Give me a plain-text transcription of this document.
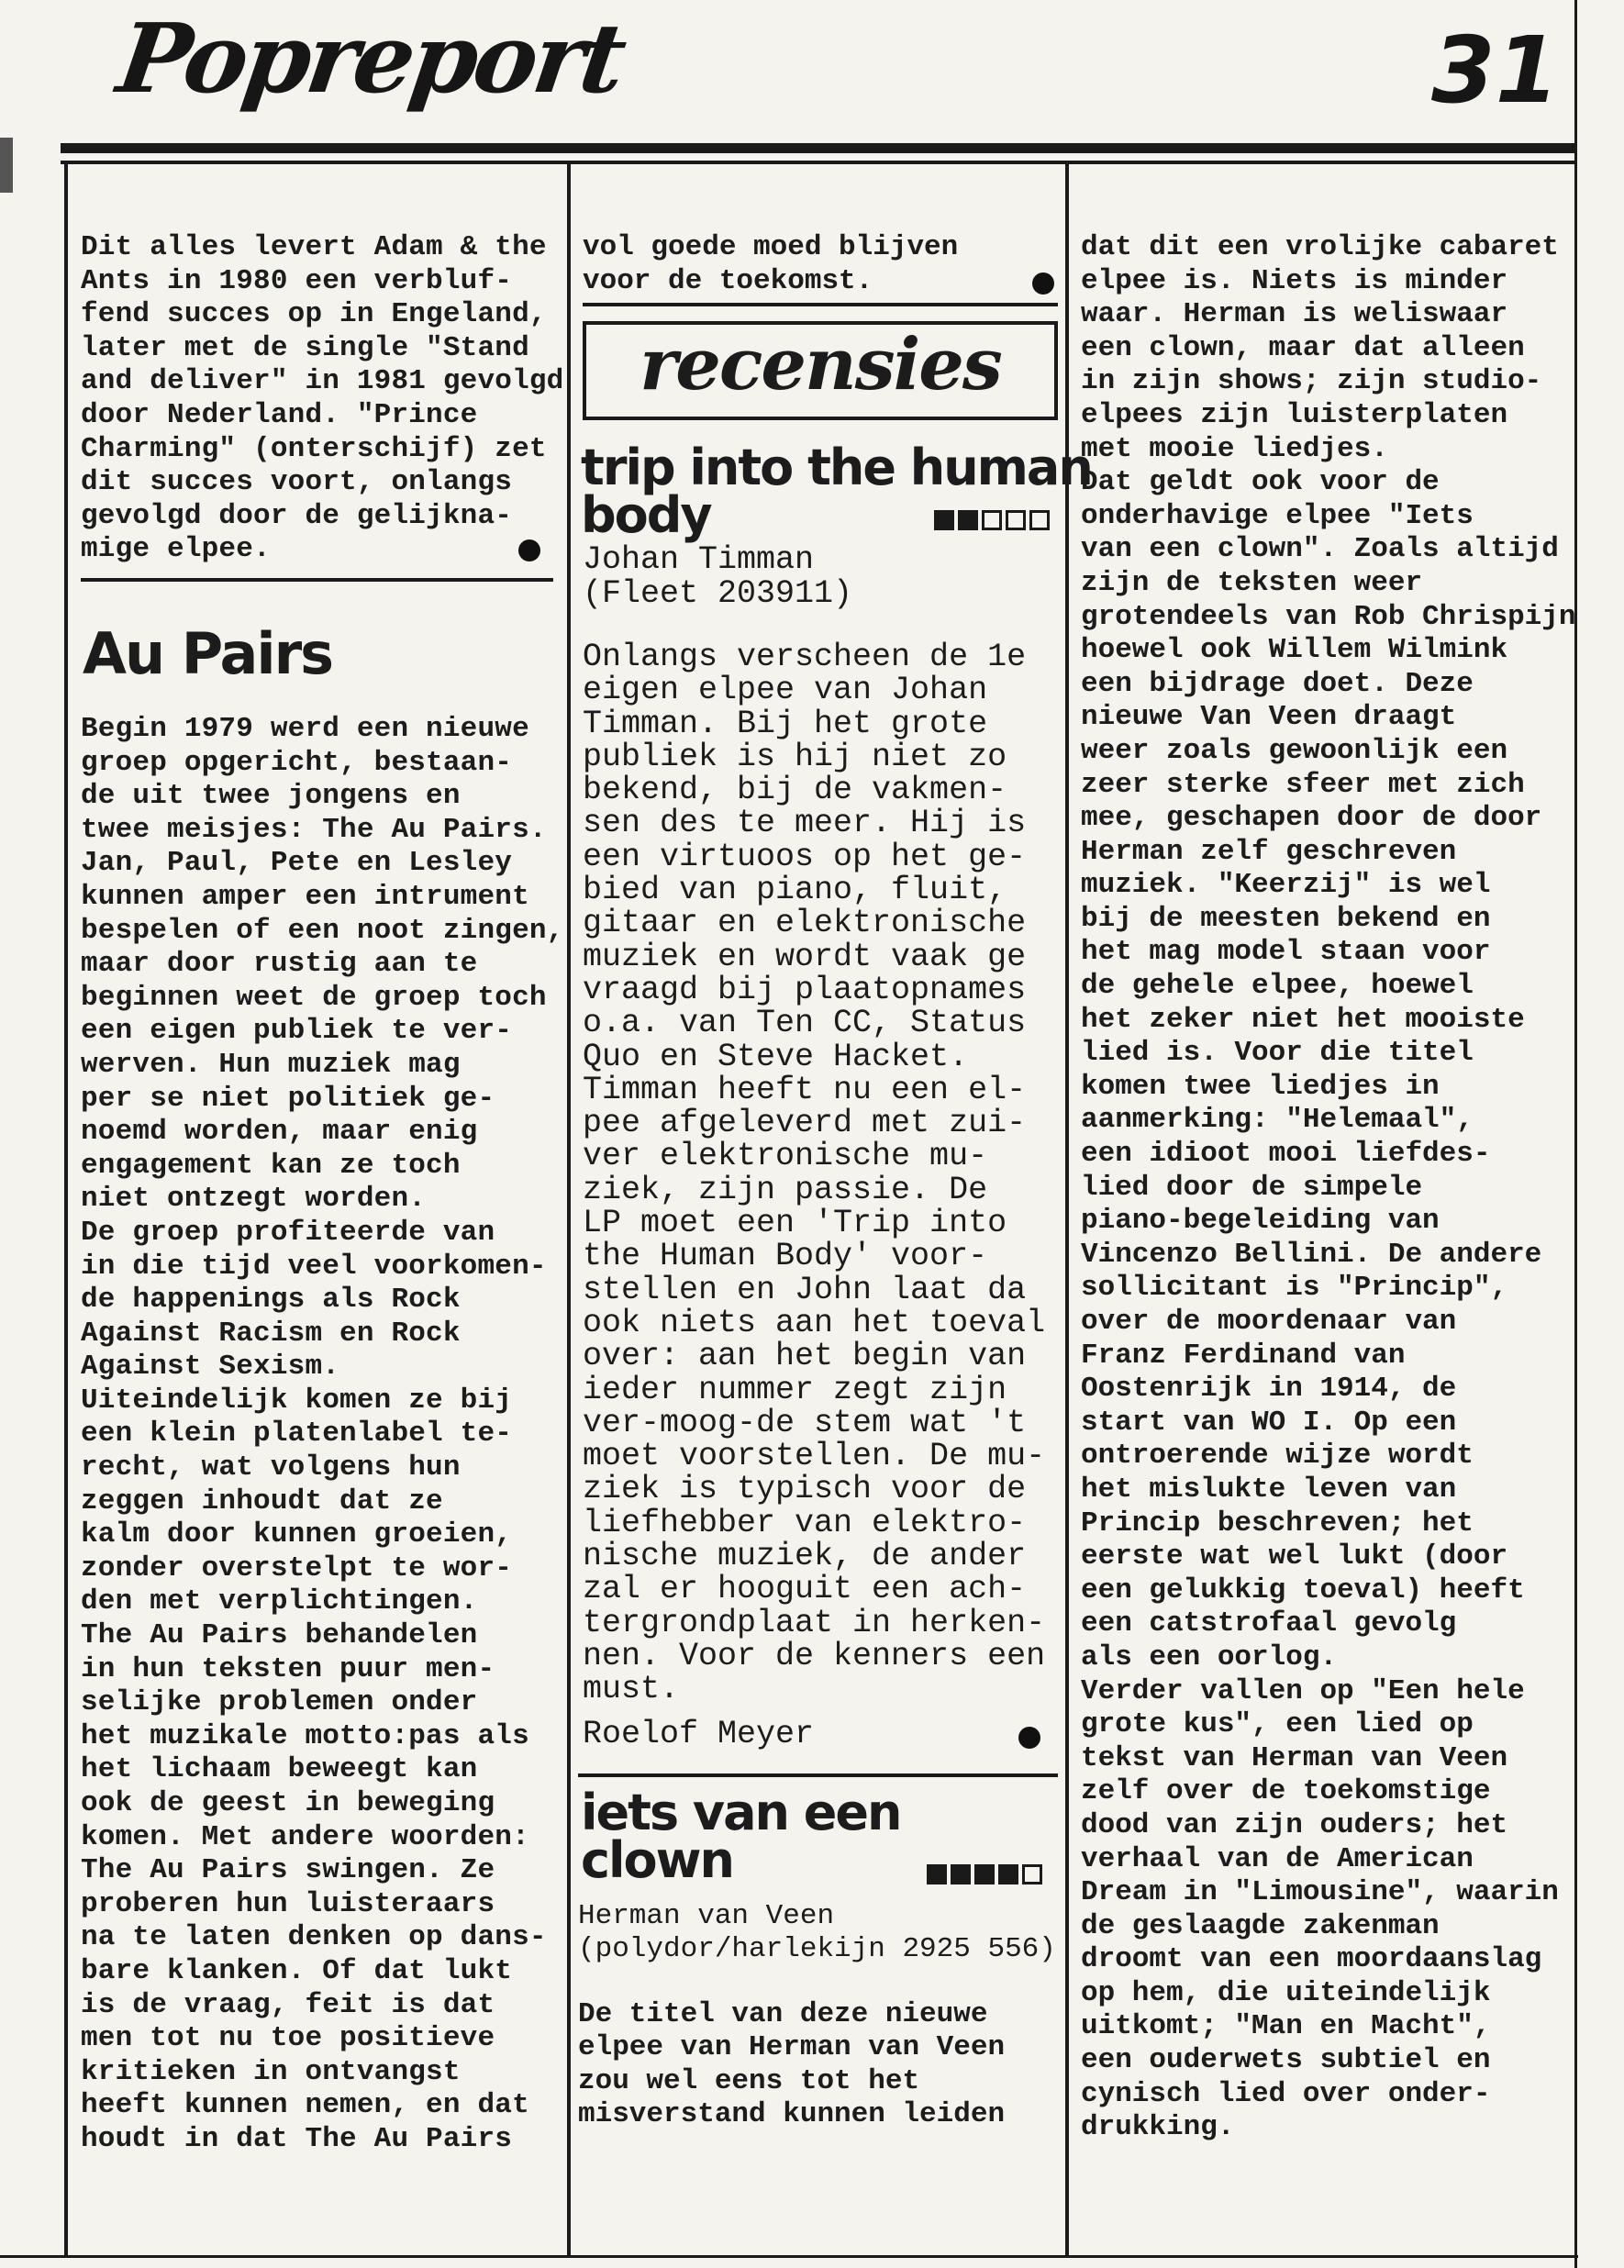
Popreport	31
Dit alles levert Adam & the
Ants in 1980 een verbluf-
fend succes op in Engeland,
later met de single "Stand
and deliver" in 1981 gevolgd
door Nederland. "Prince
Charming" (onterschijf) zet
dit succes voort, onlangs
gevolgd door de gelijkna-
mige elpee.
Au Pairs
Begin 1979 werd een nieuwe
groep opgericht, bestaan-
de uit twee jongens en
twee meisjes: The Au Pairs.
Jan, Paul, Pete en Lesley
kunnen amper een intrument
bespelen of een noot zingen,
maar door rustig aan te
beginnen weet de groep toch
een eigen publiek te ver-
werven. Hun muziek mag
per se niet politiek ge-
noemd worden, maar enig
engagement kan ze toch
niet ontzegt worden.
De groep profiteerde van
in die tijd veel voorkomen-
de happenings als Rock
Against Racism en Rock
Against Sexism.
Uiteindelijk komen ze bij
een klein platenlabel te-
recht, wat volgens hun
zeggen inhoudt dat ze
kalm door kunnen groeien,
zonder overstelpt te wor-
den met verplichtingen.
The Au Pairs behandelen
in hun teksten puur men-
selijke problemen onder
het muzikale motto:pas als
het lichaam beweegt kan
ook de geest in beweging
komen. Met andere woorden:
The Au Pairs swingen. Ze
proberen hun luisteraars
na te laten denken op dans-
bare klanken. Of dat lukt
is de vraag, feit is dat
men tot nu toe positieve
kritieken in ontvangst
heeft kunnen nemen, en dat
houdt in dat The Au Pairs
vol goede moed blijven
voor de toekomst.
recensies
trip into the human
body
Johan Timman
(Fleet 203911)
Onlangs verscheen de 1e
eigen elpee van Johan
Timman. Bij het grote
publiek is hij niet zo
bekend, bij de vakmen-
sen des te meer. Hij is
een virtuoos op het ge-
bied van piano, fluit,
gitaar en elektronische
muziek en wordt vaak ge
vraagd bij plaatopnames
o.a. van Ten CC, Status
Quo en Steve Hacket.
Timman heeft nu een el-
pee afgeleverd met zui-
ver elektronische mu-
ziek, zijn passie. De
LP moet een 'Trip into
the Human Body' voor-
stellen en John laat da
ook niets aan het toeval
over: aan het begin van
ieder nummer zegt zijn
ver-moog-de stem wat 't
moet voorstellen. De mu-
ziek is typisch voor de
liefhebber van elektro-
nische muziek, de ander
zal er hooguit een ach-
tergrondplaat in herken-
nen. Voor de kenners een
must.
Roelof Meyer
iets van een
clown
Herman van Veen
(polydor/harlekijn 2925 556)
De titel van deze nieuwe
elpee van Herman van Veen
zou wel eens tot het
misverstand kunnen leiden
dat dit een vrolijke cabaret
elpee is. Niets is minder
waar. Herman is weliswaar
een clown, maar dat alleen
in zijn shows; zijn studio-
elpees zijn luisterplaten
met mooie liedjes.
Dat geldt ook voor de
onderhavige elpee "Iets
van een clown". Zoals altijd
zijn de teksten weer
grotendeels van Rob Chrispijn
hoewel ook Willem Wilmink
een bijdrage doet. Deze
nieuwe Van Veen draagt
weer zoals gewoonlijk een
zeer sterke sfeer met zich
mee, geschapen door de door
Herman zelf geschreven
muziek. "Keerzij" is wel
bij de meesten bekend en
het mag model staan voor
de gehele elpee, hoewel
het zeker niet het mooiste
lied is. Voor die titel
komen twee liedjes in
aanmerking: "Helemaal",
een idioot mooi liefdes-
lied door de simpele
piano-begeleiding van
Vincenzo Bellini. De andere
sollicitant is "Princip",
over de moordenaar van
Franz Ferdinand van
Oostenrijk in 1914, de
start van WO I. Op een
ontroerende wijze wordt
het mislukte leven van
Princip beschreven; het
eerste wat wel lukt (door
een gelukkig toeval) heeft
een catstrofaal gevolg
als een oorlog.
Verder vallen op "Een hele
grote kus", een lied op
tekst van Herman van Veen
zelf over de toekomstige
dood van zijn ouders; het
verhaal van de American
Dream in "Limousine", waarin
de geslaagde zakenman
droomt van een moordaanslag
op hem, die uiteindelijk
uitkomt; "Man en Macht",
een ouderwets subtiel en
cynisch lied over onder-
drukking.
